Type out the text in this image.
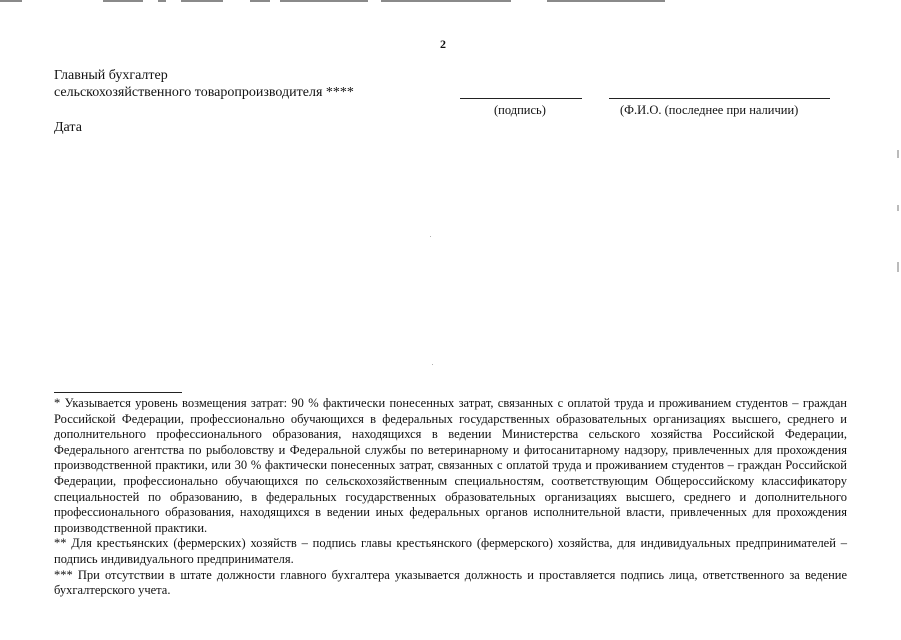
2
Главный бухгалтер
сельскохозяйственного товаропроизводителя ****
(подпись)	(Ф.И.О. (последнее при наличии)
Дата

* Указывается уровень возмещения затрат: 90 % фактически понесенных затрат, связанных с оплатой труда и проживанием студентов – граждан Российской Федерации, профессионально обучающихся в федеральных государственных образовательных организациях высшего, среднего и дополнительного профессионального образования, находящихся в ведении Министерства сельского хозяйства Российской Федерации, Федерального агентства по рыболовству и Федеральной службы по ветеринарному и фитосанитарному надзору, привлеченных для прохождения производственной практики, или 30 % фактически понесенных затрат, связанных с оплатой труда и проживанием студентов – граждан Российской Федерации, профессионально обучающихся по сельскохозяйственным специальностям, соответствующим Общероссийскому классификатору специальностей по образованию, в федеральных государственных образовательных организациях высшего, среднего и дополнительного профессионального образования, находящихся в ведении иных федеральных органов исполнительной власти, привлеченных для прохождения производственной практики.

** Для крестьянских (фермерских) хозяйств – подпись главы крестьянского (фермерского) хозяйства, для индивидуальных предпринимателей – подпись индивидуального предпринимателя.

*** При отсутствии в штате должности главного бухгалтера указывается должность и проставляется подпись лица, ответственного за ведение бухгалтерского учета.
